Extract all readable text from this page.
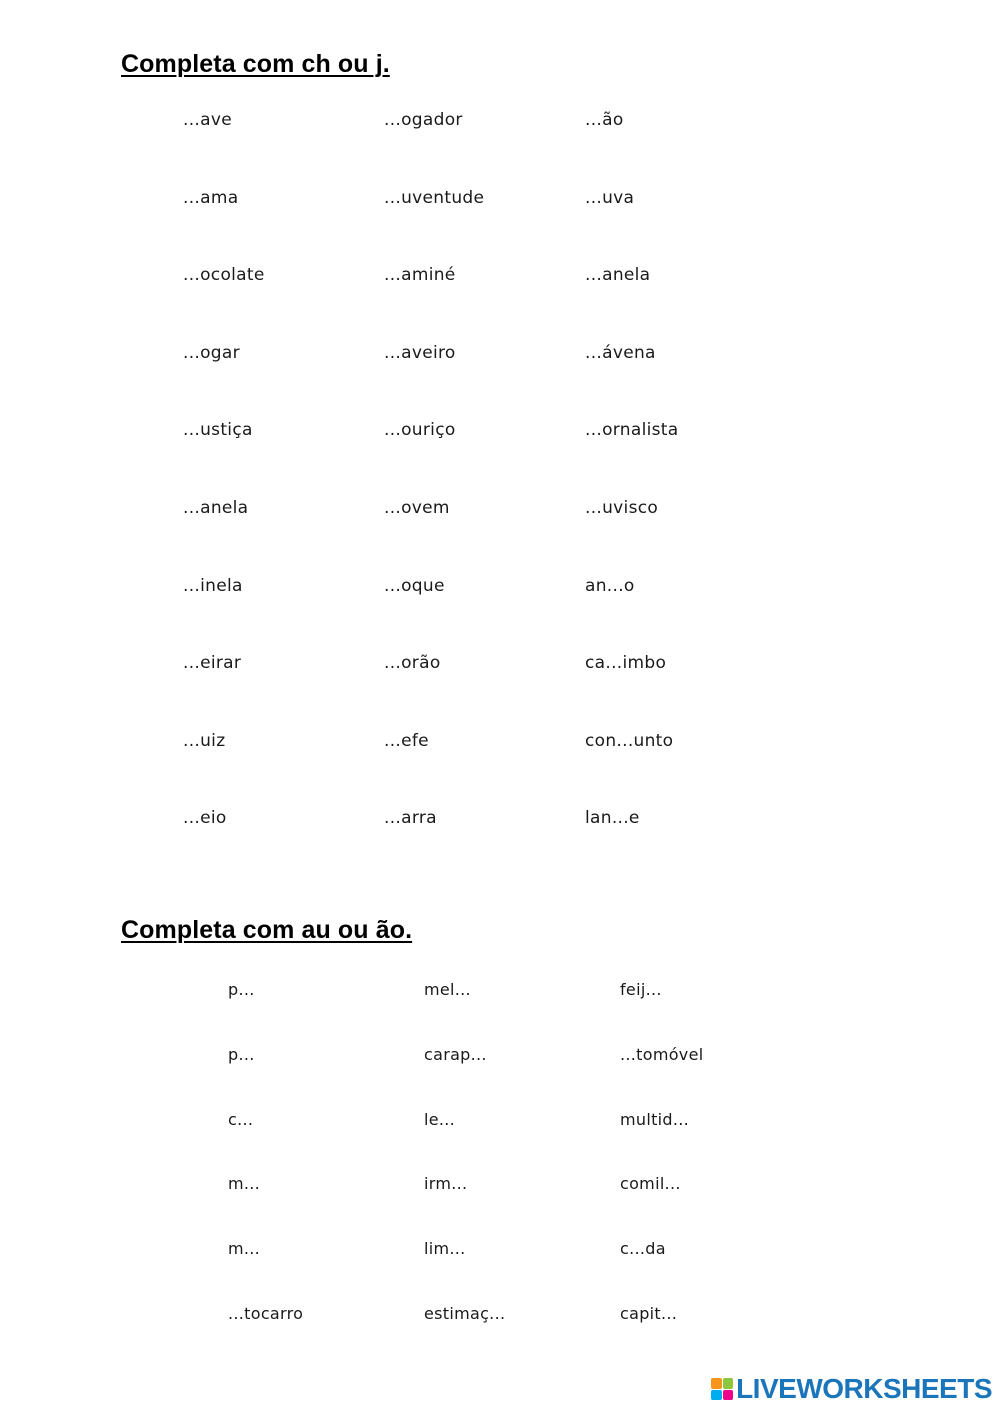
Completa com ch ou j.
...ave	...ogador	...ão
...ama	...uventude	...uva
...ocolate	...aminé	...anela
...ogar	...aveiro	...ávena
...ustiça	...ouriço	...ornalista
...anela	...ovem	...uvisco
...inela	...oque	an...o
...eirar	...orão	ca...imbo
...uiz	...efe	con...unto
...eio	...arra	lan...e
Completa com au ou ão.
p...	mel...	feij...
p...	carap...	...tomóvel
c...	le...	multid...
m...	irm...	comil...
m...	lim...	c...da
...tocarro	estimaç...	capit...
LIVEWORKSHEETS
